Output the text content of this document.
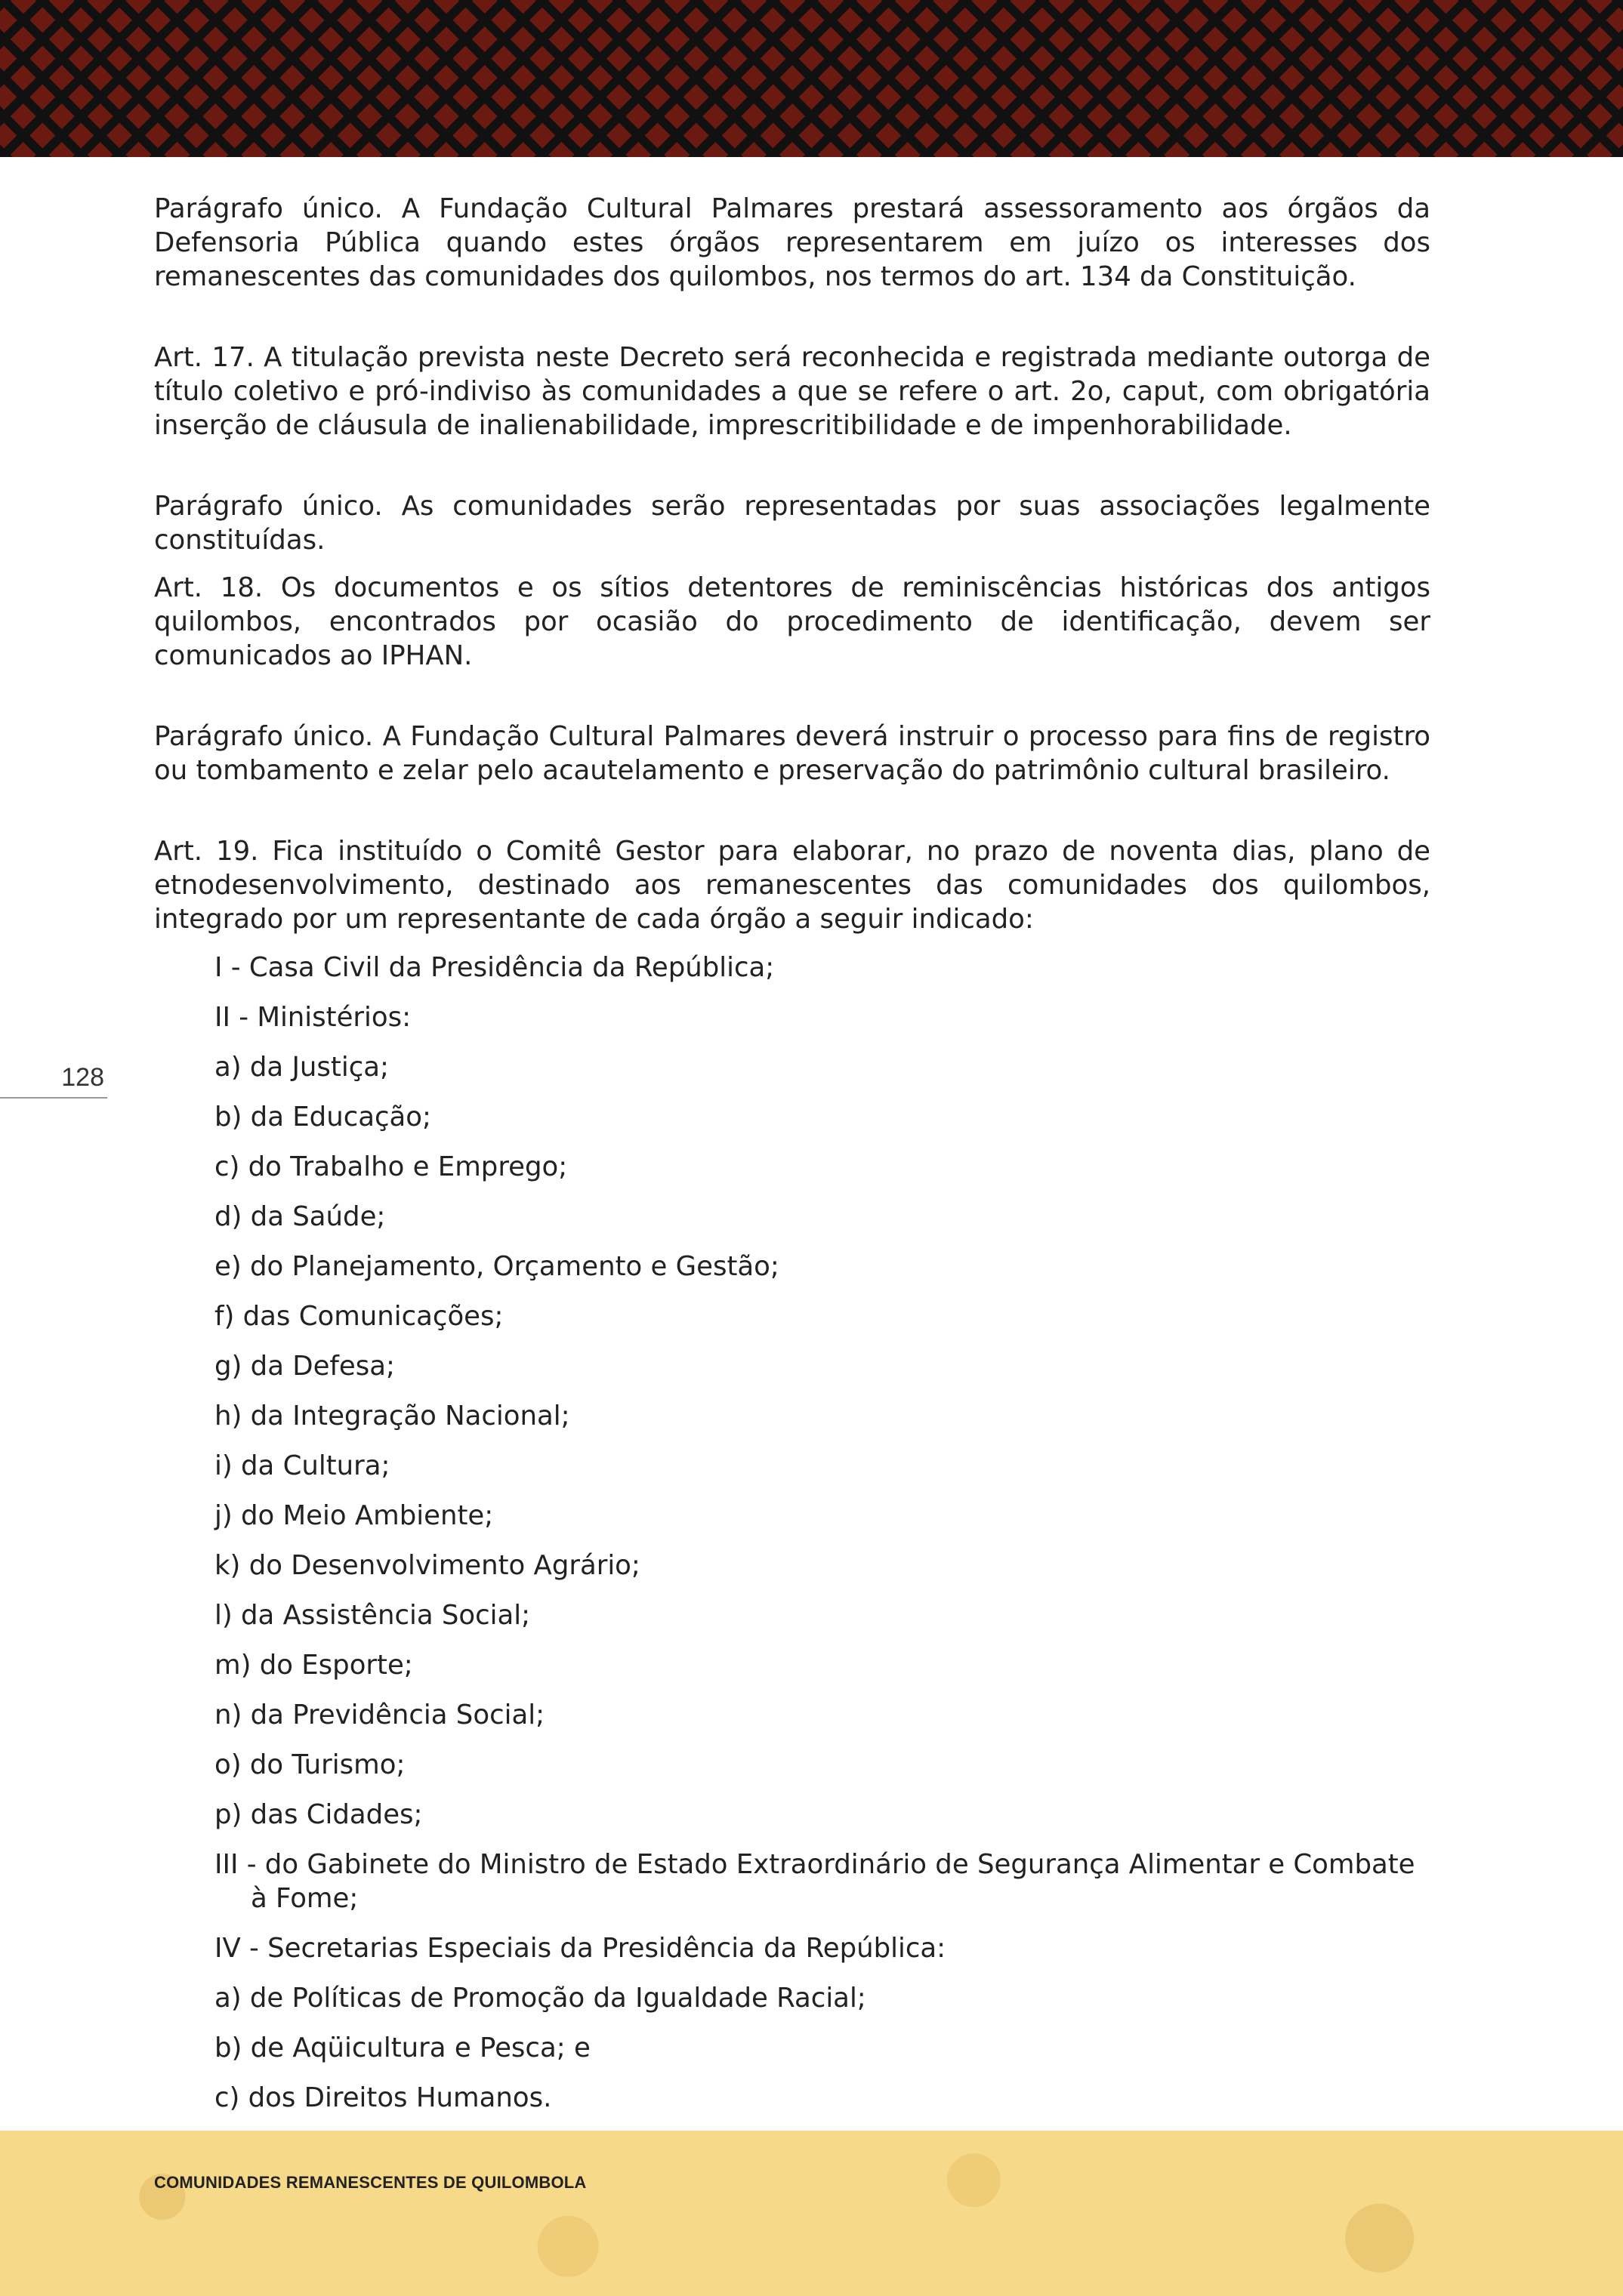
Parágrafo único. A Fundação Cultural Palmares prestará assessoramento aos órgãos da Defensoria Pública quando estes órgãos representarem em juízo os interesses dos remanescentes das comunidades dos quilombos, nos termos do art. 134 da Constituição.

Art. 17. A titulação prevista neste Decreto será reconhecida e registrada mediante outorga de título coletivo e pró-indiviso às comunidades a que se refere o art. 2o, caput, com obrigatória inserção de cláusula de inalienabilidade, imprescritibilidade e de impenhorabilidade.

Parágrafo único. As comunidades serão representadas por suas associações legalmente constituídas.

Art. 18. Os documentos e os sítios detentores de reminiscências históricas dos antigos quilombos, encontrados por ocasião do procedimento de identificação, devem ser comunicados ao IPHAN.

Parágrafo único. A Fundação Cultural Palmares deverá instruir o processo para fins de registro ou tombamento e zelar pelo acautelamento e preservação do patrimônio cultural brasileiro.

Art. 19. Fica instituído o Comitê Gestor para elaborar, no prazo de noventa dias, plano de etnodesenvolvimento, destinado aos remanescentes das comunidades dos quilombos, integrado por um representante de cada órgão a seguir indicado:

I - Casa Civil da Presidência da República;
II - Ministérios:
a) da Justiça;
b) da Educação;
c) do Trabalho e Emprego;
d) da Saúde;
e) do Planejamento, Orçamento e Gestão;
f) das Comunicações;
g) da Defesa;
h) da Integração Nacional;
i) da Cultura;
j) do Meio Ambiente;
k) do Desenvolvimento Agrário;
l) da Assistência Social;
m) do Esporte;
n) da Previdência Social;
o) do Turismo;
p) das Cidades;
III - do Gabinete do Ministro de Estado Extraordinário de Segurança Alimentar e Combate à Fome;
IV - Secretarias Especiais da Presidência da República:
a) de Políticas de Promoção da Igualdade Racial;
b) de Aqüicultura e Pesca; e
c) dos Direitos Humanos.
128
COMUNIDADES REMANESCENTES DE QUILOMBOLA
